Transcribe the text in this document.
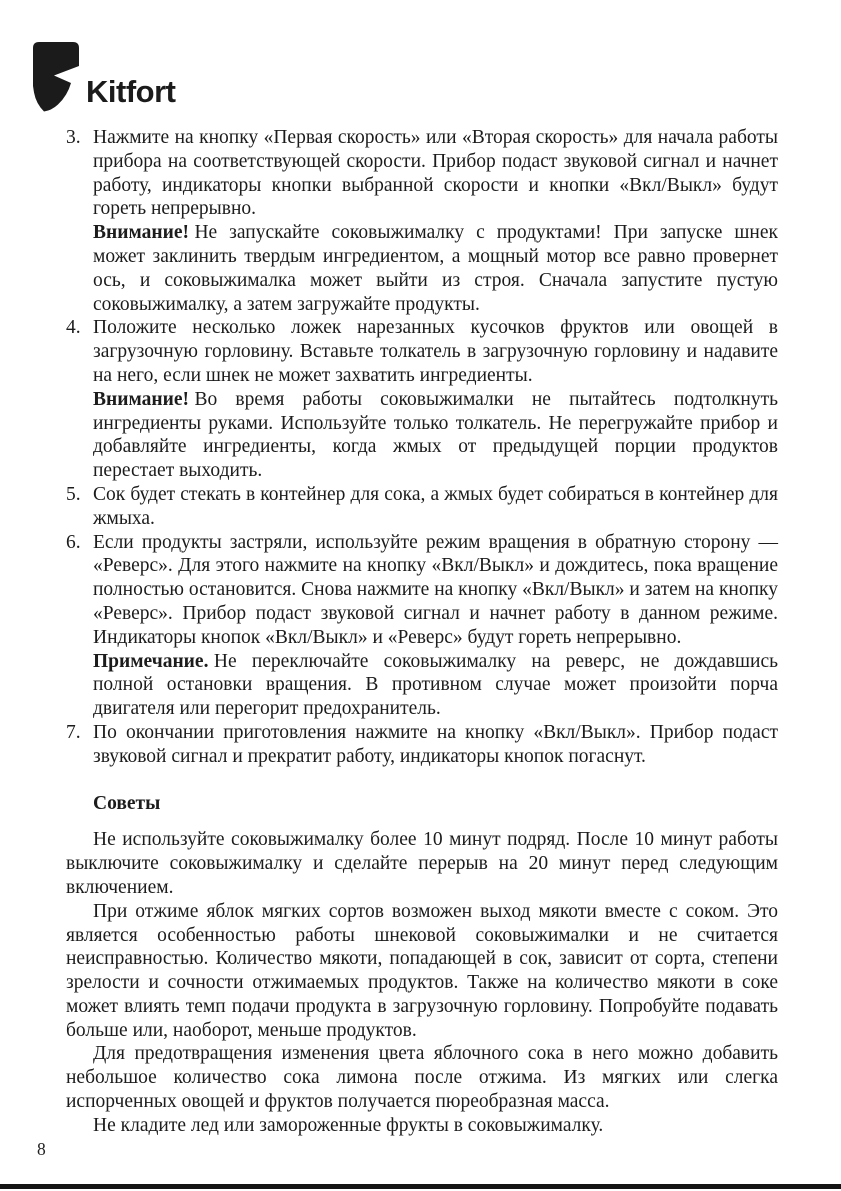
Kitfort
3. Нажмите на кнопку «Первая скорость» или «Вторая скорость» для начала работы прибора на соответствующей скорости. Прибор подаст звуковой сигнал и начнет работу, индикаторы кнопки выбранной скорости и кнопки «Вкл/Выкл» будут гореть непрерывно.

Внимание! Не запускайте соковыжималку с продуктами! При запуске шнек может заклинить твердым ингредиентом, а мощный мотор все равно провернет ось, и соковыжималка может выйти из строя. Сначала запустите пустую соковыжималку, а затем загружайте продукты.

4. Положите несколько ложек нарезанных кусочков фруктов или овощей в загрузочную горловину. Вставьте толкатель в загрузочную горловину и надавите на него, если шнек не может захватить ингредиенты.

Внимание! Во время работы соковыжималки не пытайтесь подтолкнуть ингредиенты руками. Используйте только толкатель. Не перегружайте прибор и добавляйте ингредиенты, когда жмых от предыдущей порции продуктов перестает выходить.

5. Сок будет стекать в контейнер для сока, а жмых будет собираться в контейнер для жмыха.

6. Если продукты застряли, используйте режим вращения в обратную сторону — «Реверс». Для этого нажмите на кнопку «Вкл/Выкл» и дождитесь, пока вращение полностью остановится. Снова нажмите на кнопку «Вкл/Выкл» и затем на кнопку «Реверс». Прибор подаст звуковой сигнал и начнет работу в данном режиме. Индикаторы кнопок «Вкл/Выкл» и «Реверс» будут гореть непрерывно.

Примечание. Не переключайте соковыжималку на реверс, не дождавшись полной остановки вращения. В противном случае может произойти порча двигателя или перегорит предохранитель.

7. По окончании приготовления нажмите на кнопку «Вкл/Выкл». Прибор подаст звуковой сигнал и прекратит работу, индикаторы кнопок погаснут.

Советы

Не используйте соковыжималку более 10 минут подряд. После 10 минут работы выключите соковыжималку и сделайте перерыв на 20 минут перед следующим включением.

При отжиме яблок мягких сортов возможен выход мякоти вместе с соком. Это является особенностью работы шнековой соковыжималки и не считается неисправностью. Количество мякоти, попадающей в сок, зависит от сорта, степени зрелости и сочности отжимаемых продуктов. Также на количество мякоти в соке может влиять темп подачи продукта в загрузочную горловину. Попробуйте подавать больше или, наоборот, меньше продуктов.

Для предотвращения изменения цвета яблочного сока в него можно добавить небольшое количество сока лимона после отжима. Из мягких или слегка испорченных овощей и фруктов получается пюреобразная масса.

Не кладите лед или замороженные фрукты в соковыжималку.

8
